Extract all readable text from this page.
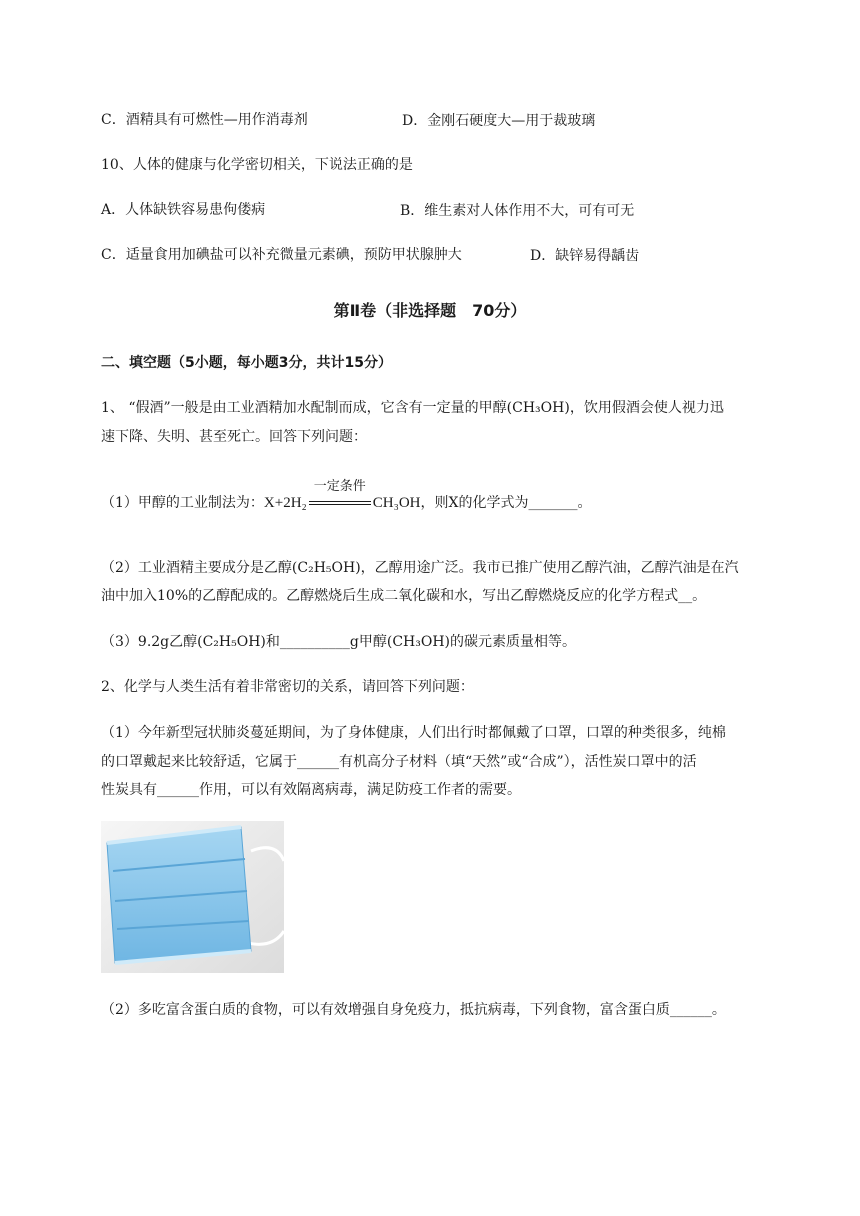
C．酒精具有可燃性—用作消毒剂	D．金刚石硬度大—用于裁玻璃
10、人体的健康与化学密切相关，下说法正确的是
A．人体缺铁容易患佝偻病	B．维生素对人体作用不大，可有可无
C．适量食用加碘盐可以补充微量元素碘，预防甲状腺肿大	D．缺锌易得龋齿
第Ⅱ卷（非选择题　70分）
二、填空题（5小题，每小题3分，共计15分）
1、 “假酒”一般是由工业酒精加水配制而成，它含有一定量的甲醇(CH₃OH)，饮用假酒会使人视力迅
速下降、失明、甚至死亡。回答下列问题：
（1）甲醇的工业制法为：X+2H₂
一定条件
CH₃OH，则X的化学式为_______。
（2）工业酒精主要成分是乙醇(C₂H₅OH)，乙醇用途广泛。我市已推广使用乙醇汽油，乙醇汽油是在汽
油中加入10%的乙醇配成的。乙醇燃烧后生成二氧化碳和水，写出乙醇燃烧反应的化学方程式__。
（3）9.2g乙醇(C₂H₅OH)和__________g甲醇(CH₃OH)的碳元素质量相等。
2、化学与人类生活有着非常密切的关系，请回答下列问题：
（1）今年新型冠状肺炎蔓延期间，为了身体健康，人们出行时都佩戴了口罩，口罩的种类很多，纯棉
的口罩戴起来比较舒适，它属于______有机高分子材料（填“天然”或“合成”），活性炭口罩中的活
性炭具有______作用，可以有效隔离病毒，满足防疫工作者的需要。
（2）多吃富含蛋白质的食物，可以有效增强自身免疫力，抵抗病毒，下列食物，富含蛋白质______。
